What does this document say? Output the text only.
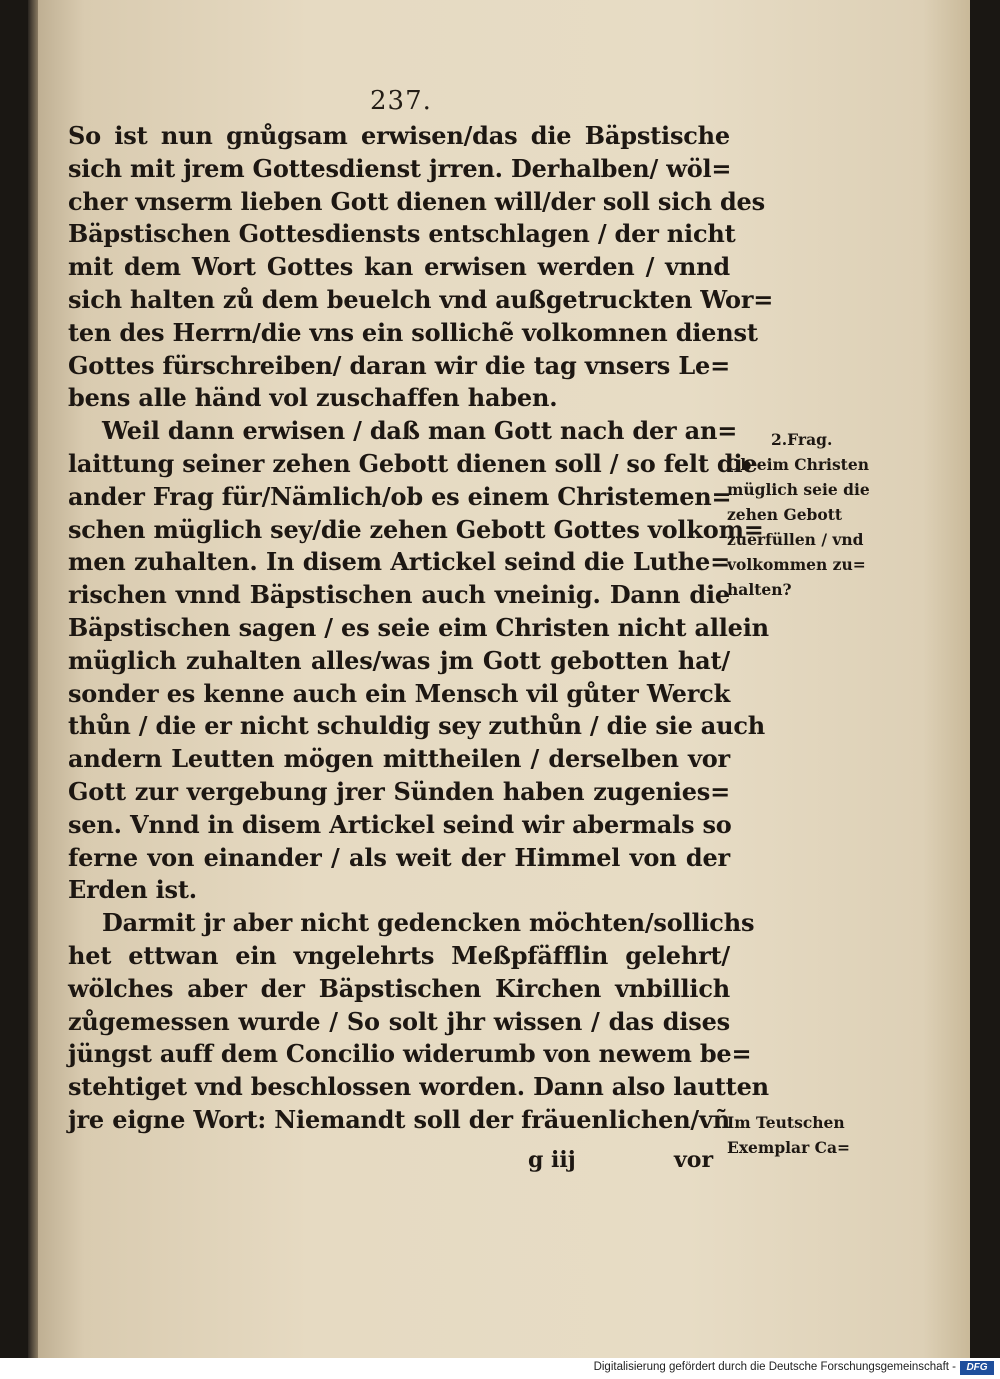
237.
So ist nun gnůgsam erwisen/das die Bäpstische
sich mit jrem Gottesdienst jrren. Derhalben/ wöl=
cher vnserm lieben Gott dienen will/der soll sich des
Bäpstischen Gottesdiensts entschlagen / der nicht
mit dem Wort Gottes kan erwisen werden / vnnd
sich halten zů dem beuelch vnd außgetruckten Wor=
ten des Herrn/die vns ein sollichẽ volkomnen dienst
Gottes fürschreiben/ daran wir die tag vnsers Le=
bens alle händ vol zuschaffen haben.
Weil dann erwisen / daß man Gott nach der an=
laittung seiner zehen Gebott dienen soll / so felt die
ander Frag für/Nämlich/ob es einem Christemen=
schen müglich sey/die zehen Gebott Gottes volkom=
men zuhalten. In disem Artickel seind die Luthe=
rischen vnnd Bäpstischen auch vneinig. Dann die
Bäpstischen sagen / es seie eim Christen nicht allein
müglich zuhalten alles/was jm Gott gebotten hat/
sonder es kenne auch ein Mensch vil gůter Werck
thůn / die er nicht schuldig sey zuthůn / die sie auch
andern Leutten mögen mittheilen / derselben vor
Gott zur vergebung jrer Sünden haben zugenies=
sen. Vnnd in disem Artickel seind wir abermals so
ferne von einander / als weit der Himmel von der
Erden ist.
Darmit jr aber nicht gedencken möchten/sollichs
het ettwan ein vngelehrts Meßpfäfflin gelehrt/
wölches aber der Bäpstischen Kirchen vnbillich
zůgemessen wurde / So solt jhr wissen / das dises
jüngst auff dem Concilio widerumb von newem be=
stehtiget vnd beschlossen worden. Dann also lautten
jre eigne Wort: Niemandt soll der fräuenlichen/vñ
g iij	vor
2.Frag.
Ob eim Christen
müglich seie die
zehen Gebott
zuerfüllen / vnd
volkommen zu=
halten?
Im Teutschen
Exemplar Ca=
Digitalisierung gefördert durch die Deutsche Forschungsgemeinschaft -	DFG
